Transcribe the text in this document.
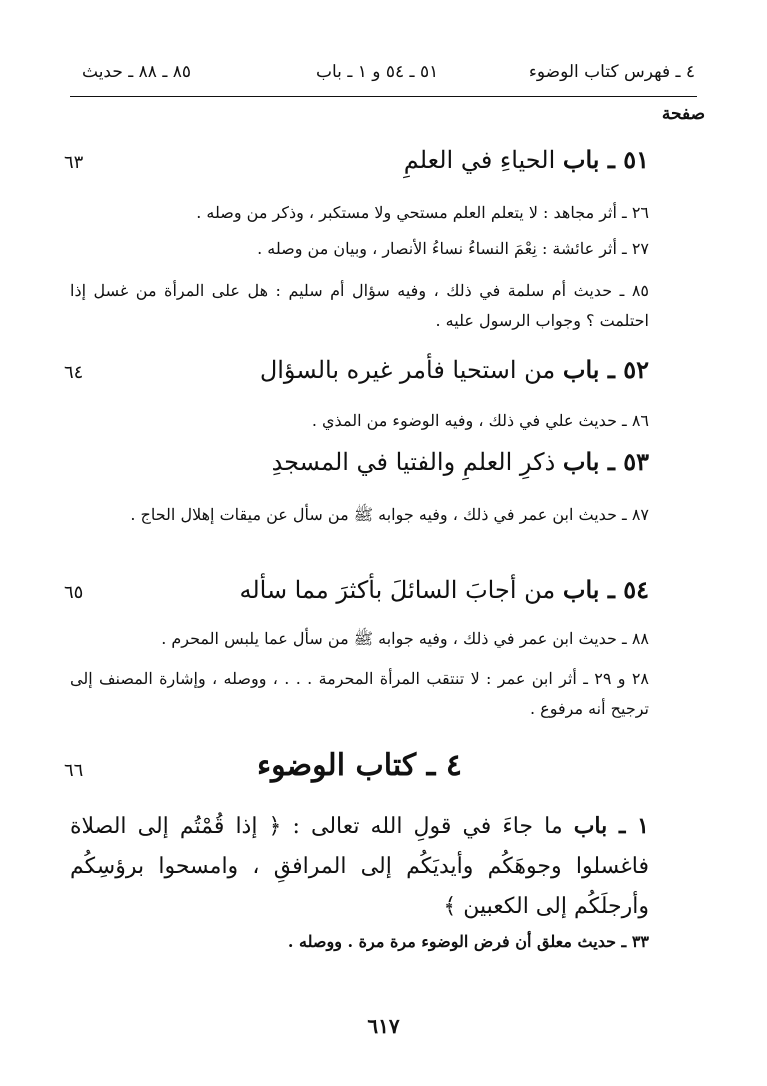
٤ ـ فهرس كتاب الوضوء
٥١ ـ ٥٤ و ١ ـ باب
٨٥ ـ ٨٨ ـ حديث
صفحة
٦٣	٥١ ـ باب الحياءِ في العلمِ
٢٦ ـ أثر مجاهد : لا يتعلم العلم مستحي ولا مستكبر ، وذكر من وصله .
٢٧ ـ أثر عائشة : نِعْمَ النساءُ نساءُ الأنصار ، وبيان من وصله .
٨٥ ـ حديث أم سلمة في ذلك ، وفيه سؤال أم سليم : هل على المرأة من غسل إذا احتلمت ؟ وجواب الرسول عليه .
٦٤	٥٢ ـ باب من استحيا فأمر غيره بالسؤال
٨٦ ـ حديث علي في ذلك ، وفيه الوضوء من المذي .
٥٣ ـ باب ذكرِ العلمِ والفتيا في المسجدِ
٨٧ ـ حديث ابن عمر في ذلك ، وفيه جوابه ﷺ من سأل عن ميقات إهلال الحاج .
٦٥	٥٤ ـ باب من أجابَ السائلَ بأكثرَ مما سأله
٨٨ ـ حديث ابن عمر في ذلك ، وفيه جوابه ﷺ من سأل عما يلبس المحرم .
٢٨ و ٢٩ ـ أثر ابن عمر : لا تنتقب المرأة المحرمة . . . ، ووصله ، وإشارة المصنف إلى ترجيح أنه مرفوع .
٦٦	٤ ـ كتاب الوضوء
١ ـ باب ما جاءَ في قولِ الله تعالى : ﴿ إذا قُمْتُم إلى الصلاة فاغسلوا وجوهَكُم وأيديَكُم إلى المرافقِ ، وامسحوا برؤسِكُم وأرجلَكُم إلى الكعبين ﴾
٣٣ ـ حديث معلق أن فرض الوضوء مرة مرة . ووصله .
٦١٧
